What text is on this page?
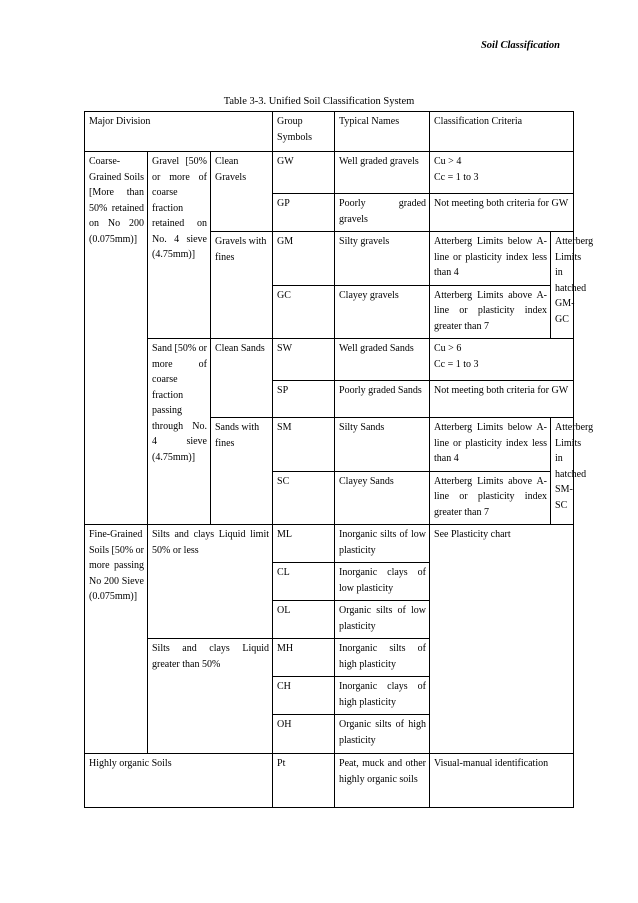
Soil Classification
Table 3-3. Unified Soil Classification System
Major Division			Group Symbols	Typical Names	Classification Criteria	
Coarse-Grained Soils [More than 50% retained on No 200 (0.075mm)]	Gravel [50% or more of coarse fraction retained on No. 4 sieve (4.75mm)]	Clean Gravels	GW	Well graded gravels	Cu > 4
Cc = 1 to 3	

			GP	Poorly graded gravels	Not meeting both criteria for GW	
		Gravels with fines	GM	Silty gravels	Atterberg Limits below A-line or plasticity index less than 4	Atterberg Limits in hatched
GM-GC

			GC	Clayey gravels	Atterberg Limits above A-line or plasticity index greater than 7	
	Sand [50% or more of coarse fraction passing through No. 4 sieve (4.75mm)]	Clean Sands	SW	Well graded Sands	Cu > 6
Cc = 1 to 3	

			SP	Poorly graded Sands	Not meeting both criteria for GW	
		Sands with fines	SM	Silty Sands	Atterberg Limits below A-line or plasticity index less than 4	Atterberg Limits in hatched
SM-SC

			SC	Clayey Sands	Atterberg Limits above A-line or plasticity index greater than 7	
Fine-Grained Soils [50% or more passing No 200 Sieve (0.075mm)]	Silts and clays Liquid limit 50% or less		ML	Inorganic silts of low plasticity	See Plasticity chart	
			CL	Inorganic clays of low plasticity		
			OL	Organic silts of low plasticity		
	Silts and clays Liquid greater than 50%		MH	Inorganic silts of high plasticity		
			CH	Inorganic clays of high plasticity		
			OH	Organic silts of high plasticity		
Highly organic Soils			Pt	Peat, muck and other highly organic soils	Visual-manual identification	
